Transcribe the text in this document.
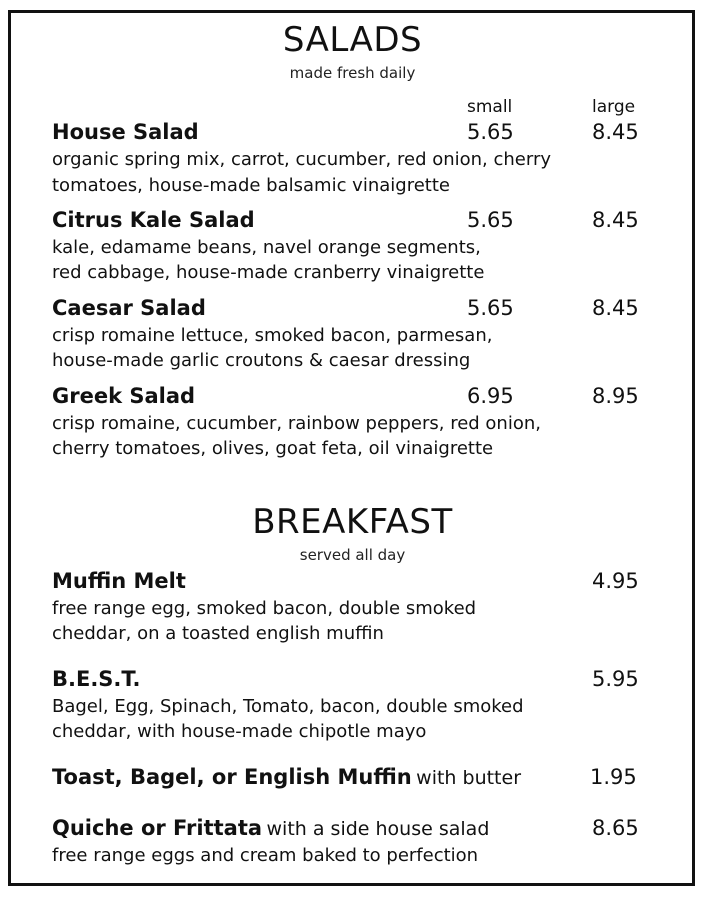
SALADS
made fresh daily
small	large
House Salad	5.65	8.45
organic spring mix, carrot, cucumber, red onion, cherry
tomatoes, house-made balsamic vinaigrette
Citrus Kale Salad	5.65	8.45
kale, edamame beans, navel orange segments,
red cabbage, house-made cranberry vinaigrette
Caesar Salad	5.65	8.45
crisp romaine lettuce, smoked bacon, parmesan,
house-made garlic croutons & caesar dressing
Greek Salad	6.95	8.95
crisp romaine, cucumber, rainbow peppers, red onion,
cherry tomatoes, olives, goat feta, oil vinaigrette
BREAKFAST
served all day
Muffin Melt	4.95
free range egg, smoked bacon, double smoked
cheddar, on a toasted english muffin
B.E.S.T.	5.95
Bagel, Egg, Spinach, Tomato, bacon, double smoked
cheddar, with house-made chipotle mayo
Toast, Bagel, or English Muffin with butter	1.95
Quiche or Frittata with a side house salad	8.65
free range eggs and cream baked to perfection
